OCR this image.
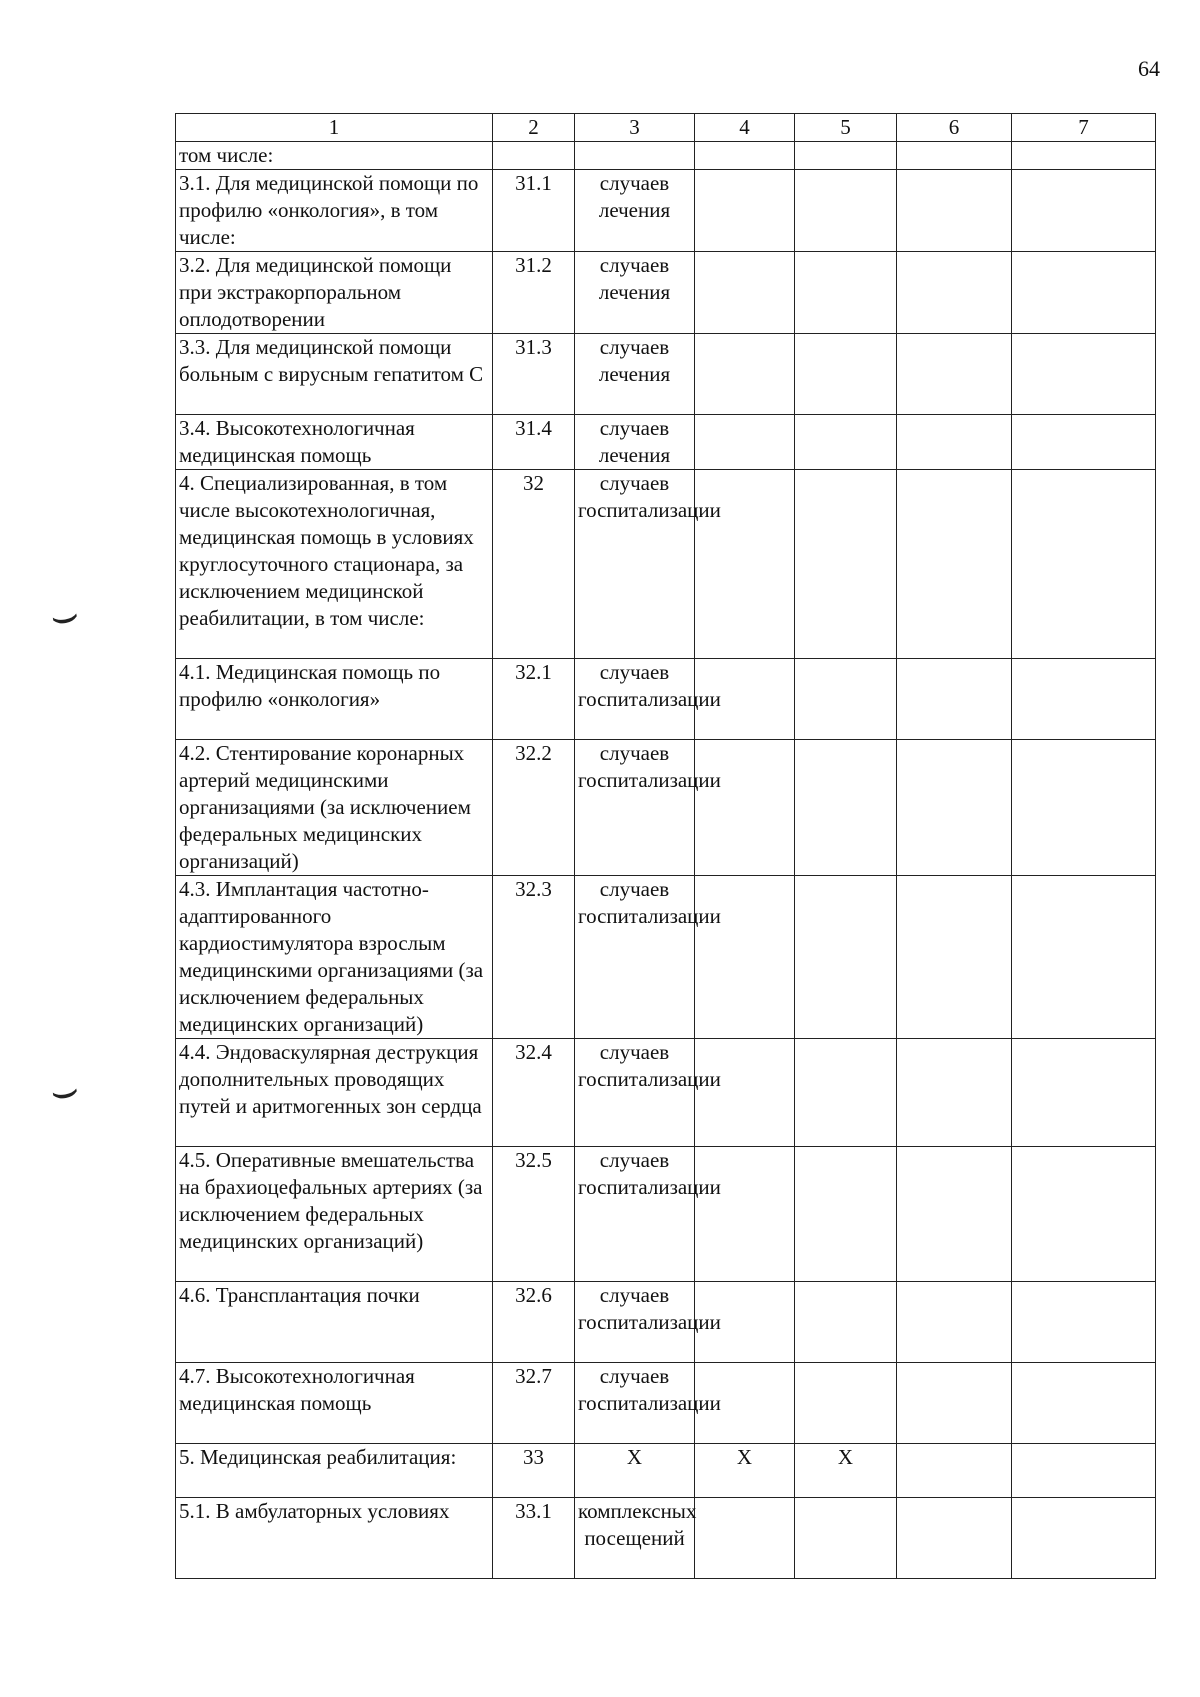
64
⌣
⌣
1	2	3	4	5	6	7
том числе:						
3.1. Для медицинской помощи по профилю «онкология», в том числе:	31.1	случаев лечения				
3.2. Для медицинской помощи при экстракорпоральном оплодотворении	31.2	случаев лечения				
3.3. Для медицинской помощи больным с вирусным гепатитом С	31.3	случаев лечения				
3.4. Высокотехнологичная медицинская помощь	31.4	случаев лечения				
4. Специализированная, в том числе высокотехнологичная, медицинская помощь в условиях круглосуточного стационара, за исключением медицинской реабилитации, в том числе:	32	случаев госпитализации				
4.1. Медицинская помощь по профилю «онкология»	32.1	случаев госпитализации				
4.2. Стентирование коронарных артерий медицинскими организациями (за исключением федеральных медицинских организаций)	32.2	случаев госпитализации				
4.3. Имплантация частотно-адаптированного кардиостимулятора взрослым медицинскими организациями (за исключением федеральных медицинских организаций)	32.3	случаев госпитализации				
4.4. Эндоваскулярная деструкция дополнительных проводящих путей и аритмогенных зон сердца	32.4	случаев госпитализации				
4.5. Оперативные вмешательства на брахиоцефальных артериях (за исключением федеральных медицинских организаций)	32.5	случаев госпитализации				
4.6. Трансплантация почки	32.6	случаев госпитализации				
4.7. Высокотехнологичная медицинская помощь	32.7	случаев госпитализации				
5. Медицинская реабилитация:	33	Х	Х	Х		
5.1. В амбулаторных условиях	33.1	комплексных посещений				
